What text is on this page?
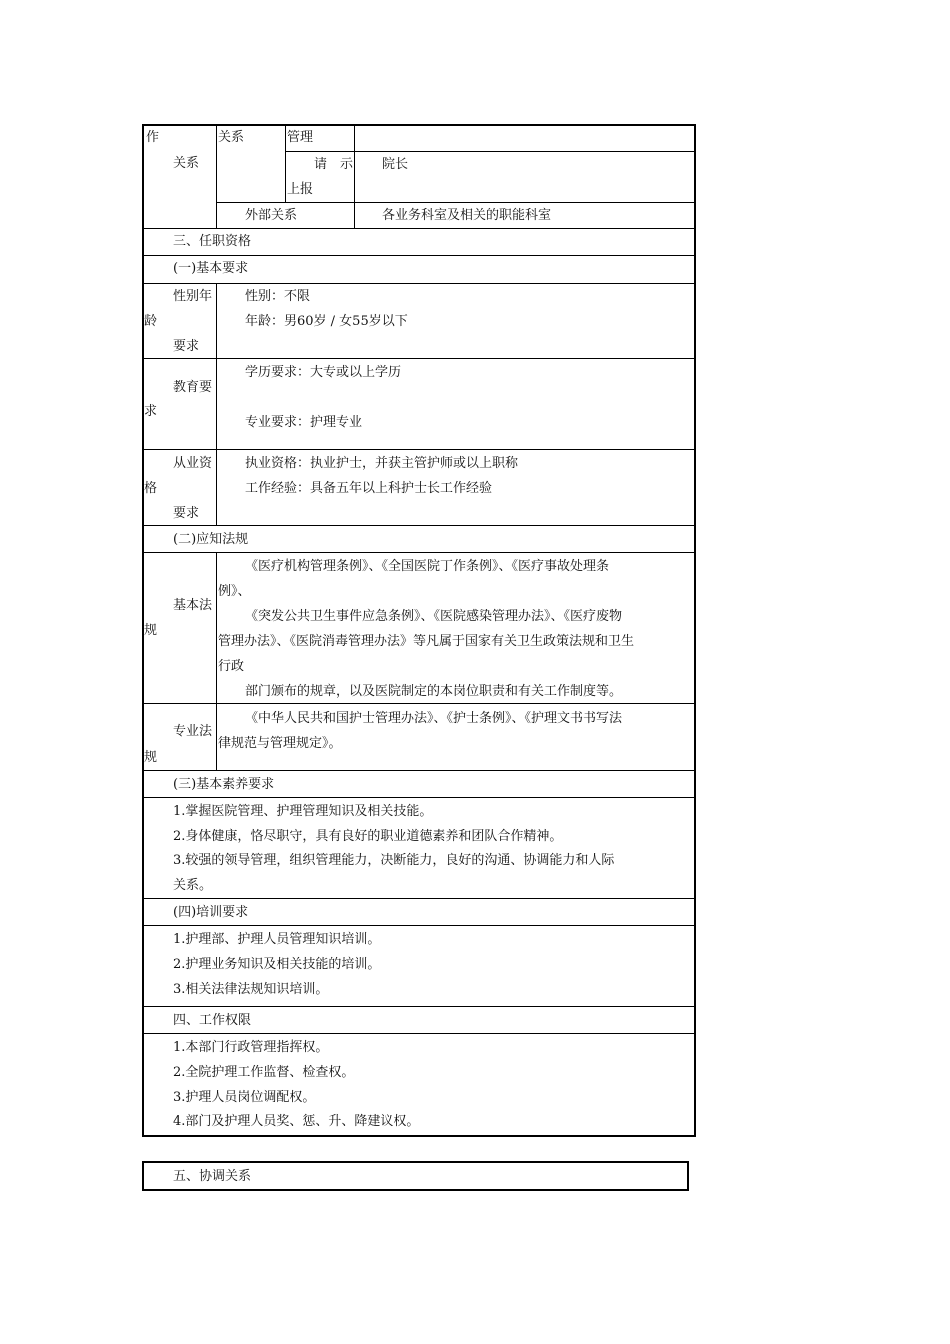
作
关系
关系	管理
请　示
上报
院长
外部关系	各业务科室及相关的职能科室
三、任职资格
(一)基本要求
性别年
龄
要求
性别：不限
年龄：男60岁 / 女55岁以下
教育要
求
学历要求：大专或以上学历
专业要求：护理专业
从业资
格
要求
执业资格：执业护士，并获主管护师或以上职称
工作经验：具备五年以上科护士长工作经验
(二)应知法规
基本法
规
《医疗机构管理条例》、《全国医院丁作条例》、《医疗事故处理条
例》、
《突发公共卫生事件应急条例》、《医院感染管理办法》、《医疗废物
管理办法》、《医院消毒管理办法》等凡属于国家有关卫生政策法规和卫生
行政
部门颁布的规章，以及医院制定的本岗位职责和有关工作制度等。
专业法
规
《中华人民共和国护士管理办法》、《护士条例》、《护理文书书写法
律规范与管理规定》。
(三)基本素养要求
1.掌握医院管理、护理管理知识及相关技能。
2.身体健康，恪尽职守，具有良好的职业道德素养和团队合作精神。
3.较强的领导管理，组织管理能力，决断能力，良好的沟通、协调能力和人际
关系。
(四)培训要求
1.护理部、护理人员管理知识培训。
2.护理业务知识及相关技能的培训。
3.相关法律法规知识培训。
四、工作权限
1.本部门行政管理指挥权。
2.全院护理工作监督、检查权。
3.护理人员岗位调配权。
4.部门及护理人员奖、惩、升、降建议权。
五、协调关系
